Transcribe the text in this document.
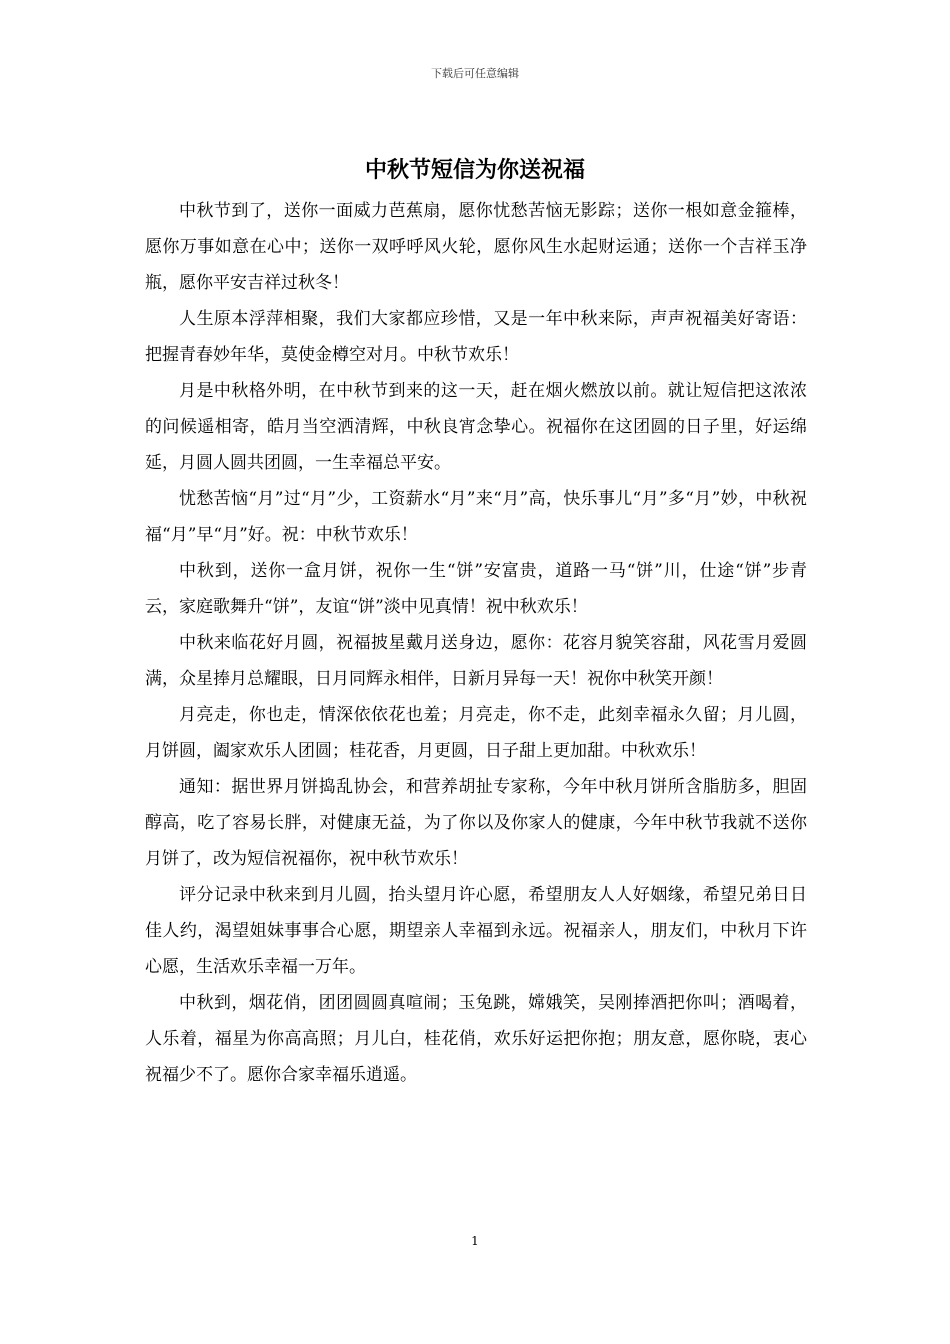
下载后可任意编辑
中秋节短信为你送祝福

中秋节到了，送你一面威力芭蕉扇，愿你忧愁苦恼无影踪；送你一根如意金箍棒，愿你万事如意在心中；送你一双呼呼风火轮，愿你风生水起财运通；送你一个吉祥玉净瓶，愿你平安吉祥过秋冬！

人生原本浮萍相聚，我们大家都应珍惜，又是一年中秋来际，声声祝福美好寄语：把握青春妙年华，莫使金樽空对月。中秋节欢乐！

月是中秋格外明，在中秋节到来的这一天，赶在烟火燃放以前。就让短信把这浓浓的问候遥相寄，皓月当空洒清辉，中秋良宵念挚心。祝福你在这团圆的日子里，好运绵延，月圆人圆共团圆，一生幸福总平安。

忧愁苦恼“月”过“月”少，工资薪水“月”来“月”高，快乐事儿“月”多“月”妙，中秋祝福“月”早“月”好。祝：中秋节欢乐！

中秋到，送你一盒月饼，祝你一生“饼”安富贵，道路一马“饼”川，仕途“饼”步青云，家庭歌舞升“饼”，友谊“饼”淡中见真情！祝中秋欢乐！

中秋来临花好月圆，祝福披星戴月送身边，愿你：花容月貌笑容甜，风花雪月爱圆满，众星捧月总耀眼，日月同辉永相伴，日新月异每一天！祝你中秋笑开颜！

月亮走，你也走，情深依依花也羞；月亮走，你不走，此刻幸福永久留；月儿圆，月饼圆，阖家欢乐人团圆；桂花香，月更圆，日子甜上更加甜。中秋欢乐！

通知：据世界月饼捣乱协会，和营养胡扯专家称，今年中秋月饼所含脂肪多，胆固醇高，吃了容易长胖，对健康无益，为了你以及你家人的健康，今年中秋节我就不送你月饼了，改为短信祝福你，祝中秋节欢乐！

评分记录中秋来到月儿圆，抬头望月许心愿，希望朋友人人好姻缘，希望兄弟日日佳人约，渴望姐妹事事合心愿，期望亲人幸福到永远。祝福亲人，朋友们，中秋月下许心愿，生活欢乐幸福一万年。

中秋到，烟花俏，团团圆圆真喧闹；玉兔跳，嫦娥笑，吴刚捧酒把你叫；酒喝着，人乐着，福星为你高高照；月儿白，桂花俏，欢乐好运把你抱；朋友意，愿你晓，衷心祝福少不了。愿你合家幸福乐逍遥。

1
